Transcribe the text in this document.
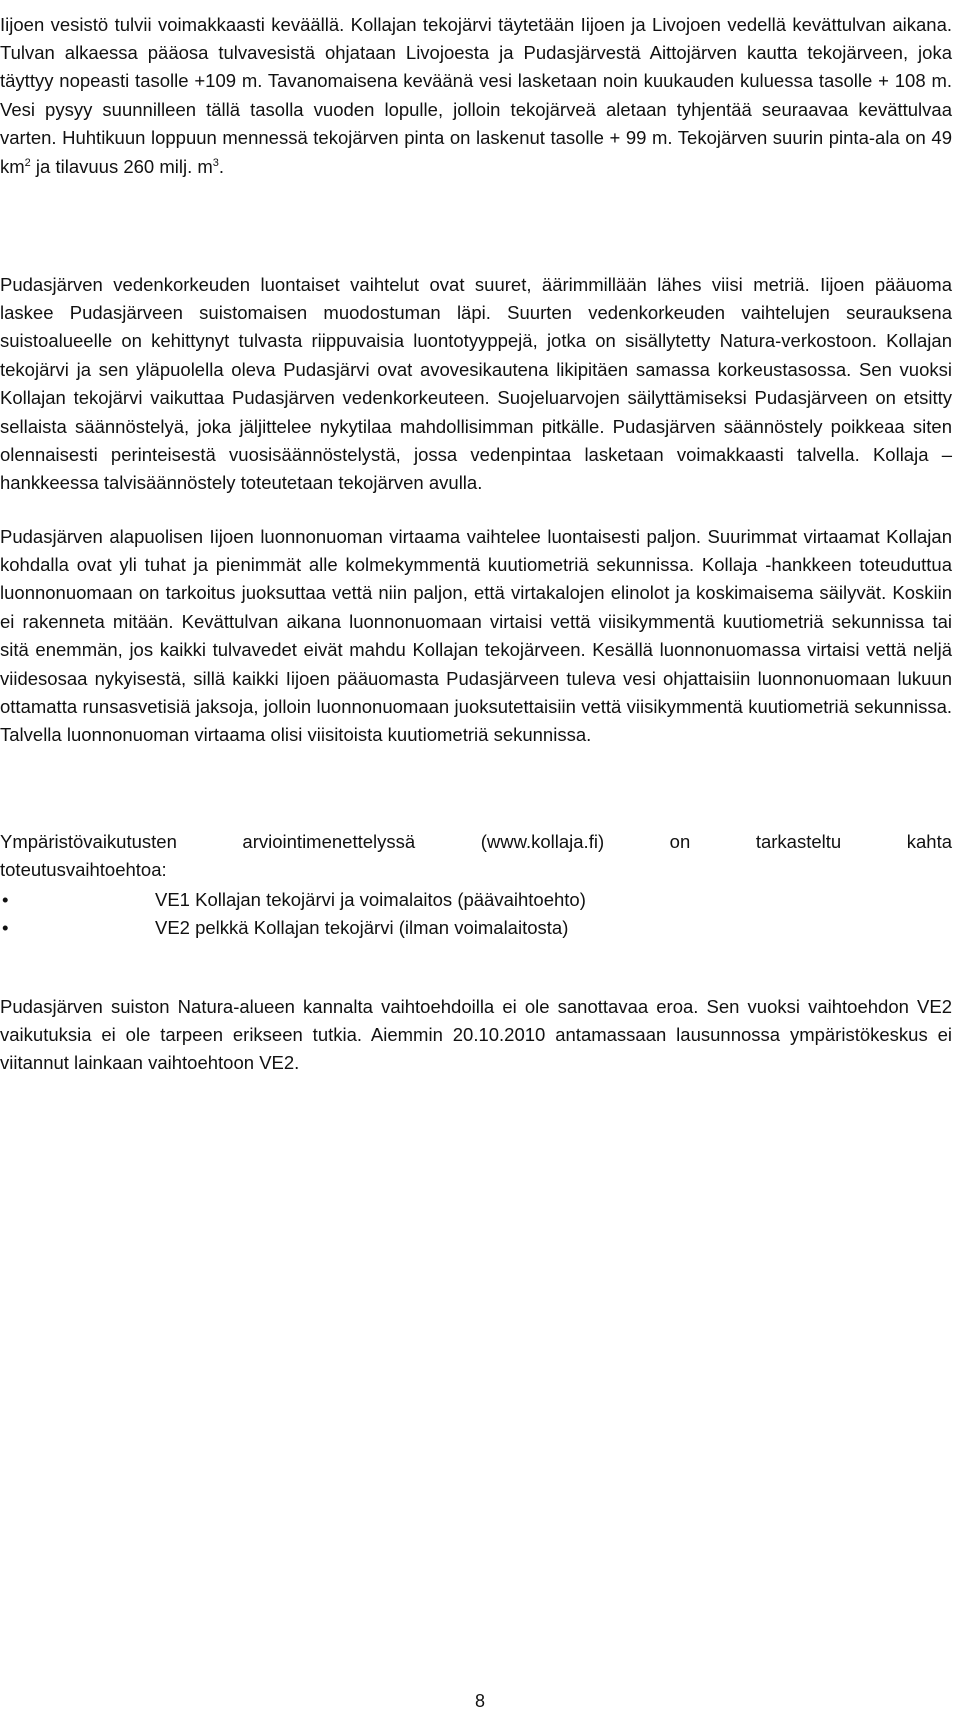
Iijoen vesistö tulvii voimakkaasti keväällä. Kollajan tekojärvi täytetään Iijoen ja Livojoen vedellä kevättulvan aikana. Tulvan alkaessa pääosa tulvavesistä ohjataan Livojoesta ja Pudasjärvestä Aittojärven kautta tekojärveen, joka täyttyy nopeasti tasolle +109 m. Tavanomaisena keväänä vesi lasketaan noin kuukauden kuluessa tasolle + 108 m. Vesi pysyy suunnilleen tällä tasolla vuoden lopulle, jolloin tekojärveä aletaan tyhjentää seuraavaa kevättulvaa varten. Huhtikuun loppuun mennessä tekojärven pinta on laskenut tasolle + 99 m. Tekojärven suurin pinta-ala on 49 $km^2$ ja tilavuus 260 milj. $m^3$.

Pudasjärven vedenkorkeuden luontaiset vaihtelut ovat suuret, äärimmillään lähes viisi metriä. Iijoen pääuoma laskee Pudasjärveen suistomaisen muodostuman läpi. Suurten vedenkorkeuden vaihtelujen seurauksena suistoalueelle on kehittynyt tulvasta riippuvaisia luontotyyppejä, jotka on sisällytetty Natura-verkostoon. Kollajan tekojärvi ja sen yläpuolella oleva Pudasjärvi ovat avovesikautena likipitäen samassa korkeustasossa. Sen vuoksi Kollajan tekojärvi vaikuttaa Pudasjärven vedenkorkeuteen. Suojeluarvojen säilyttämiseksi Pudasjärveen on etsitty sellaista säännöstelyä, joka jäljittelee nykytilaa mahdollisimman pitkälle. Pudasjärven säännöstely poikkeaa siten olennaisesti perinteisestä vuosisäännöstelystä, jossa vedenpintaa lasketaan voimakkaasti talvella. Kollaja –hankkeessa talvisäännöstely toteutetaan tekojärven avulla.

Pudasjärven alapuolisen Iijoen luonnonuoman virtaama vaihtelee luontaisesti paljon. Suurimmat virtaamat Kollajan kohdalla ovat yli tuhat ja pienimmät alle kolmekymmentä kuutiometriä sekunnissa. Kollaja -hankkeen toteuduttua luonnonuomaan on tarkoitus juoksuttaa vettä niin paljon, että virtakalojen elinolot ja koskimaisema säilyvät. Koskiin ei rakenneta mitään. Kevättulvan aikana luonnonuomaan virtaisi vettä viisikymmentä kuutiometriä sekunnissa tai sitä enemmän, jos kaikki tulvavedet eivät mahdu Kollajan tekojärveen. Kesällä luonnonuomassa virtaisi vettä neljä viidesosaa nykyisestä, sillä kaikki Iijoen pääuomasta Pudasjärveen tuleva vesi ohjattaisiin luonnonuomaan lukuun ottamatta runsasvetisiä jaksoja, jolloin luonnonuomaan juoksutettaisiin vettä viisikymmentä kuutiometriä sekunnissa. Talvella luonnonuoman virtaama olisi viisitoista kuutiometriä sekunnissa.

Ympäristövaikutusten arviointimenettelyssä (www.kollaja.fi) on tarkasteltu kahta
toteutusvaihtoehtoa:
•	VE1 Kollajan tekojärvi ja voimalaitos (päävaihtoehto)
•	VE2 pelkkä Kollajan tekojärvi (ilman voimalaitosta)

Pudasjärven suiston Natura-alueen kannalta vaihtoehdoilla ei ole sanottavaa eroa. Sen vuoksi vaihtoehdon VE2 vaikutuksia ei ole tarpeen erikseen tutkia. Aiemmin 20.10.2010 antamassaan lausunnossa ympäristökeskus ei viitannut lainkaan vaihtoehtoon VE2.

8
